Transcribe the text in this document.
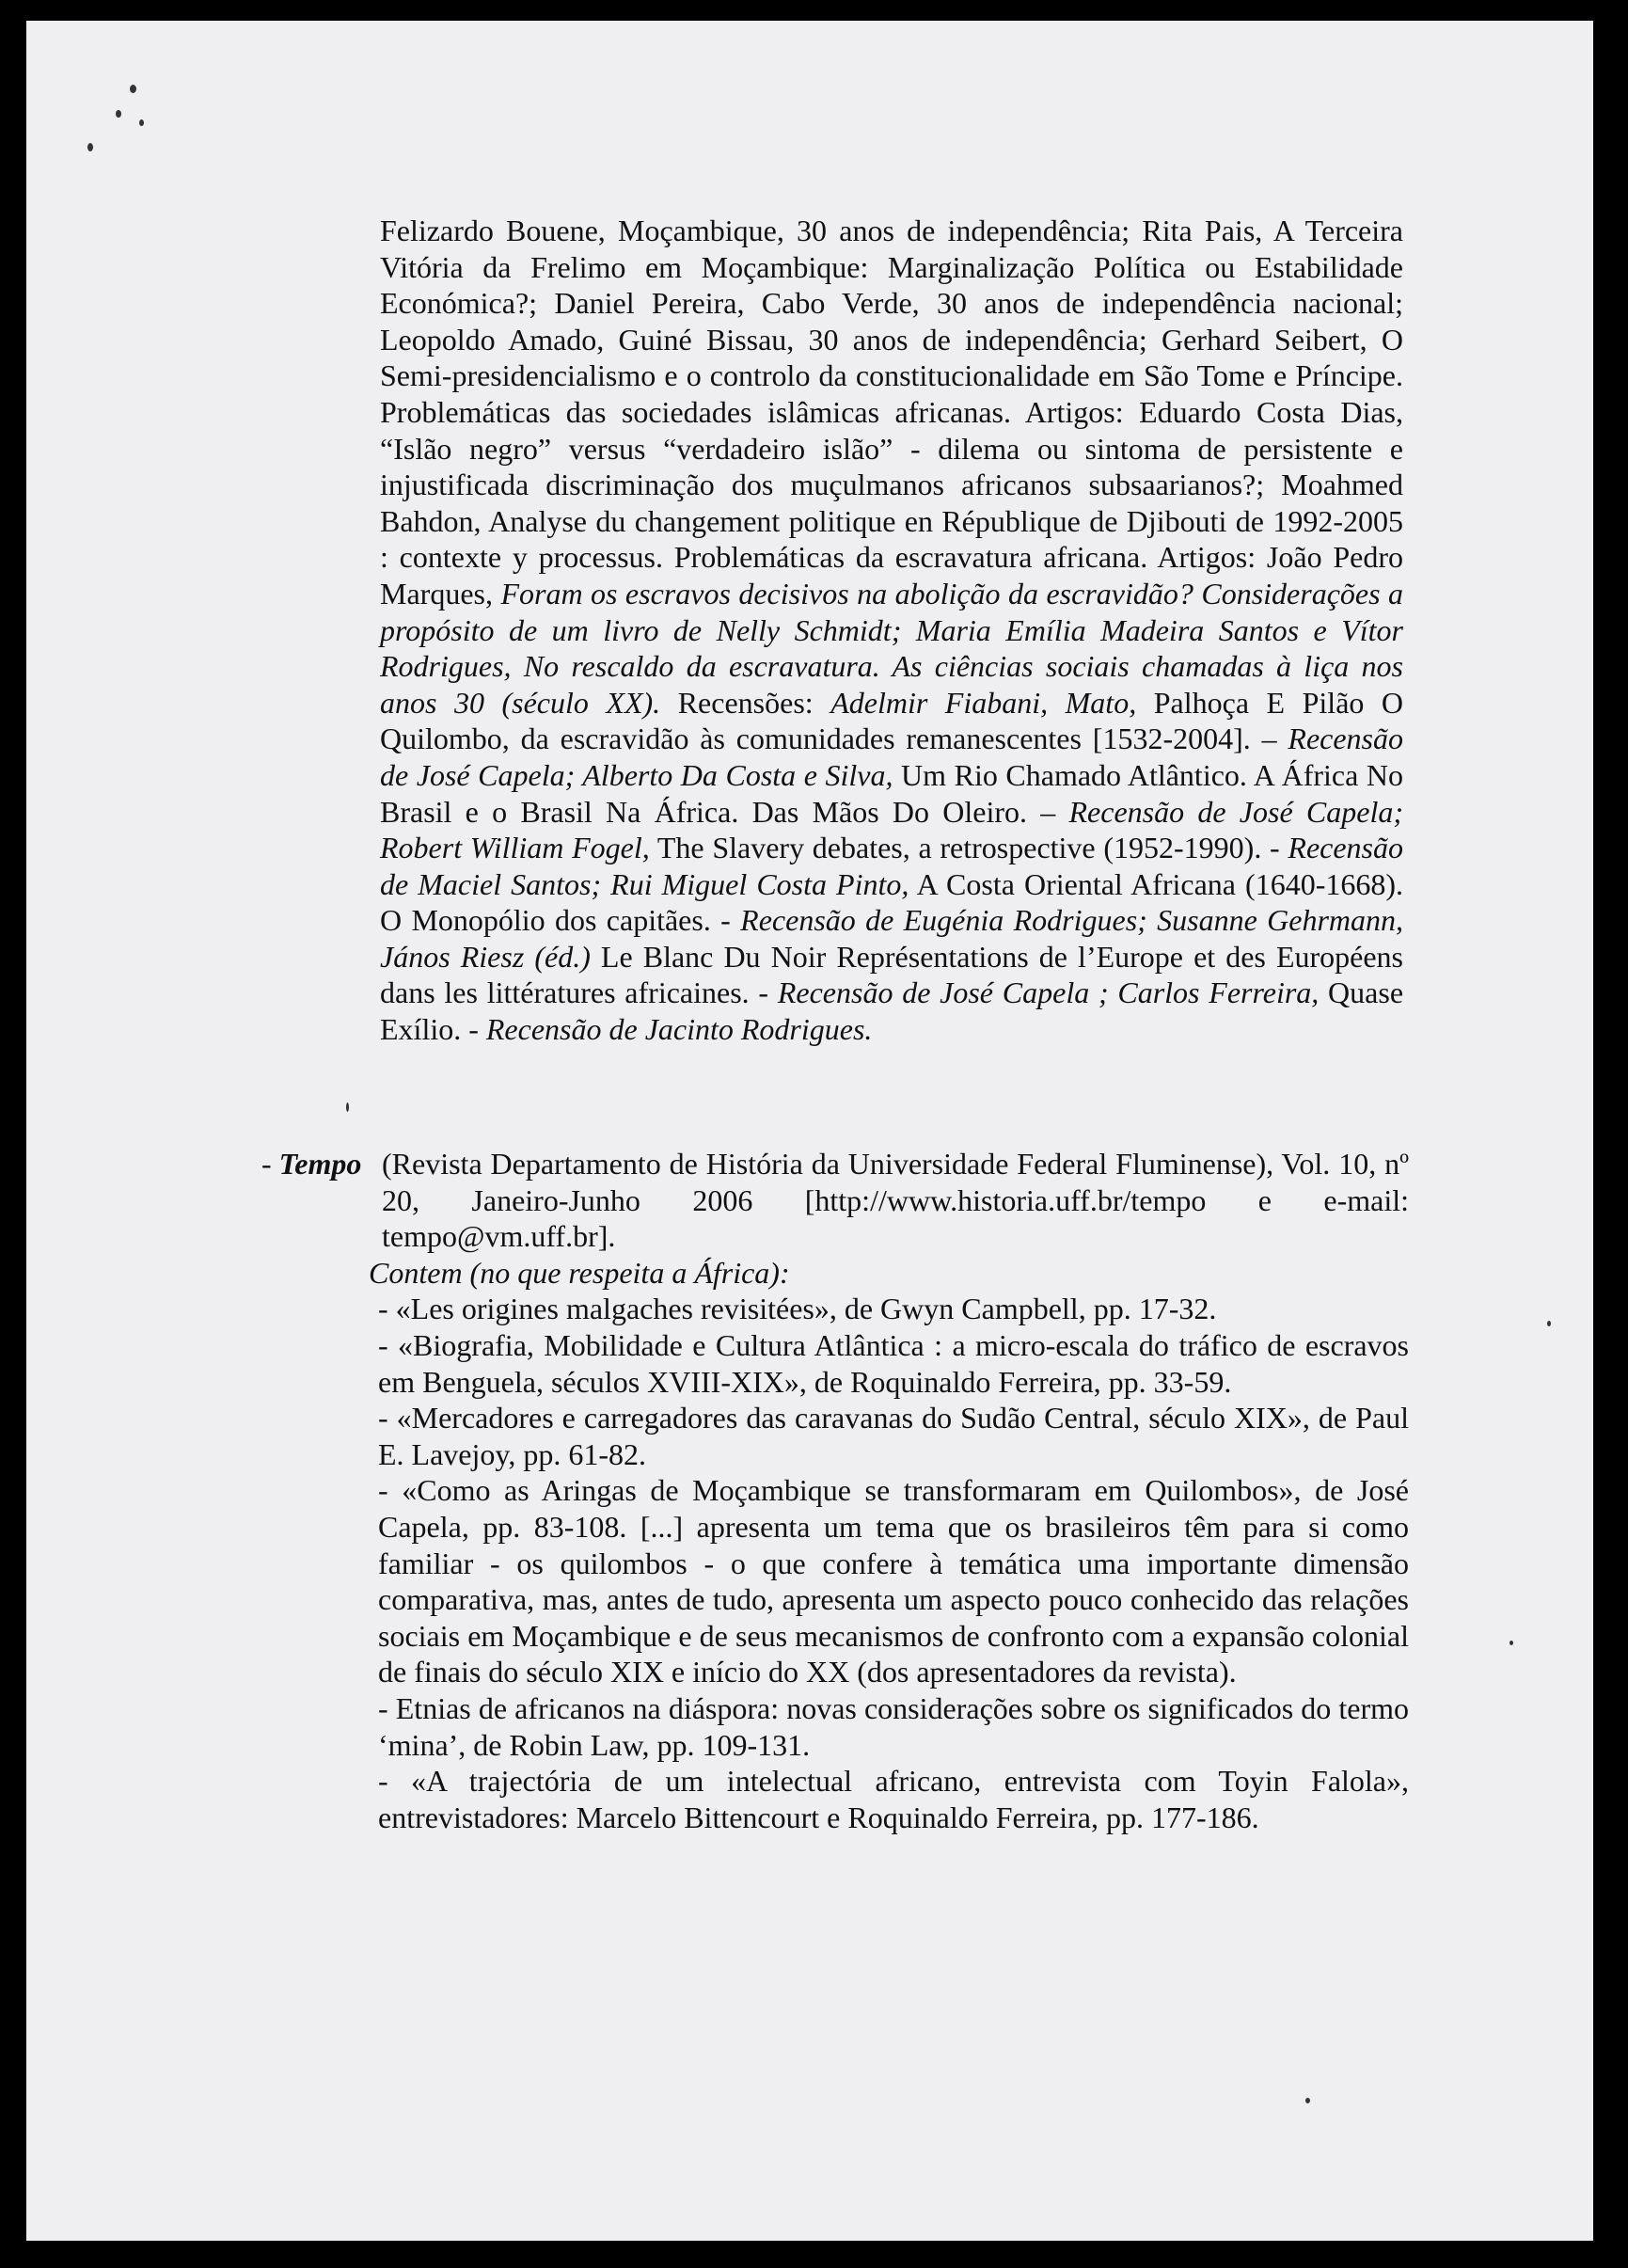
Felizardo Bouene, Moçambique, 30 anos de independência; Rita Pais, A Terceira Vitória da Frelimo em Moçambique: Marginalização Política ou Estabilidade Económica?; Daniel Pereira, Cabo Verde, 30 anos de independência nacional; Leopoldo Amado, Guiné Bissau, 30 anos de independência; Gerhard Seibert, O Semi-presidencialismo e o controlo da constitucionalidade em São Tome e Príncipe. Problemáticas das sociedades islâmicas africanas. Artigos: Eduardo Costa Dias, “Islão negro” versus “verdadeiro islão” - dilema ou sintoma de persistente e injustificada discriminação dos muçulmanos africanos subsaarianos?; Moahmed Bahdon, Analyse du changement politique en République de Djibouti de 1992-2005 : contexte y processus. Problemáticas da escravatura africana. Artigos: João Pedro Marques, Foram os escravos decisivos na abolição da escravidão? Considerações a propósito de um livro de Nelly Schmidt; Maria Emília Madeira Santos e Vítor Rodrigues, No rescaldo da escravatura. As ciências sociais chamadas à liça nos anos 30 (século XX). Recensões: Adelmir Fiabani, Mato, Palhoça E Pilão O Quilombo, da escravidão às comunidades remanescentes [1532-2004]. – Recensão de José Capela; Alberto Da Costa e Silva, Um Rio Chamado Atlântico. A África No Brasil e o Brasil Na África. Das Mãos Do Oleiro. – Recensão de José Capela; Robert William Fogel, The Slavery debates, a retrospective (1952-1990). - Recensão de Maciel Santos; Rui Miguel Costa Pinto, A Costa Oriental Africana (1640-1668). O Monopólio dos capitães. - Recensão de Eugénia Rodrigues; Susanne Gehrmann, János Riesz (éd.) Le Blanc Du Noir Représentations de l’Europe et des Européens dans les littératures africaines. - Recensão de José Capela ; Carlos Ferreira, Quase Exílio. - Recensão de Jacinto Rodrigues.
- Tempo (Revista Departamento de História da Universidade Federal Fluminense), Vol. 10, nº 20, Janeiro-Junho 2006 [http://www.historia.uff.br/tempo e e-mail: tempo@vm.uff.br].
Contem (no que respeita a África):
- «Les origines malgaches revisitées», de Gwyn Campbell, pp. 17-32.
- «Biografia, Mobilidade e Cultura Atlântica : a micro-escala do tráfico de escravos em Benguela, séculos XVIII-XIX», de Roquinaldo Ferreira, pp. 33-59.
- «Mercadores e carregadores das caravanas do Sudão Central, século XIX», de Paul E. Lavejoy, pp. 61-82.
- «Como as Aringas de Moçambique se transformaram em Quilombos», de José Capela, pp. 83-108. [...] apresenta um tema que os brasileiros têm para si como familiar - os quilombos - o que confere à temática uma importante dimensão comparativa, mas, antes de tudo, apresenta um aspecto pouco conhecido das relações sociais em Moçambique e de seus mecanismos de confronto com a expansão colonial de finais do século XIX e início do XX (dos apresentadores da revista).
- Etnias de africanos na diáspora: novas considerações sobre os significados do termo ‘mina’, de Robin Law, pp. 109-131.
- «A trajectória de um intelectual africano, entrevista com Toyin Falola», entrevistadores: Marcelo Bittencourt e Roquinaldo Ferreira, pp. 177-186.
